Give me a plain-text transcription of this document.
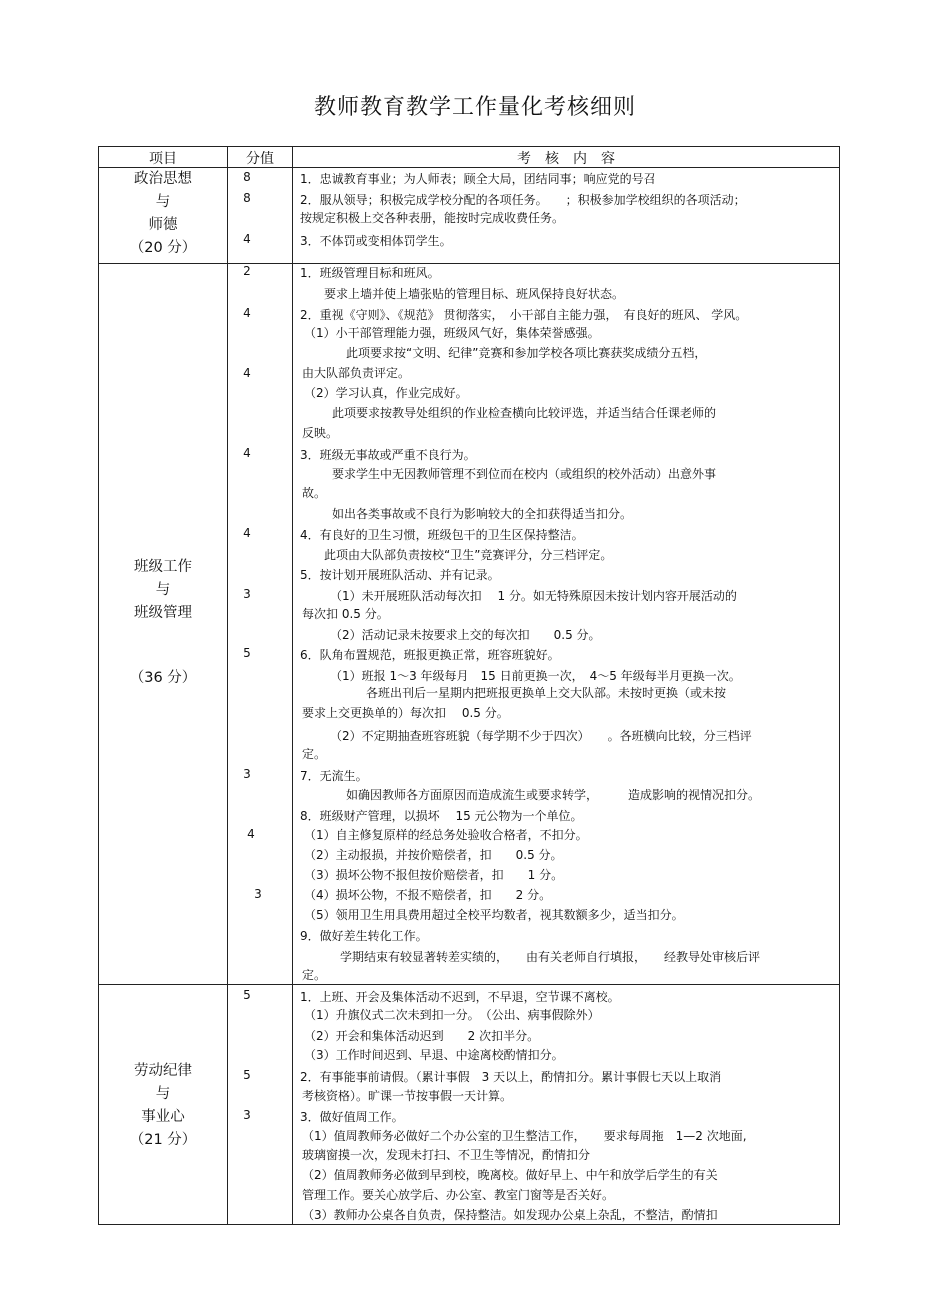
教师教育教学工作量化考核细则
项目	分值	考　核　内　容
政治思想
与
师德
（20 分）
8
8
4
1．忠诚教育事业；为人师表；顾全大局，团结同事；响应党的号召
2．服从领导；积极完成学校分配的各项任务。　　；积极参加学校组织的各项活动；
按规定积极上交各种表册，能按时完成收费任务。
3．不体罚或变相体罚学生。
班级工作
与
班级管理
（36 分）
2
4
4
4
4
3
5
3
4
3
1．班级管理目标和班风。
要求上墙并使上墙张贴的管理目标、班风保持良好状态。
2．重视《守则》、《规范》 贯彻落实，　小干部自主能力强，　有良好的班风、 学风。
（1）小干部管理能力强，班级风气好，集体荣誉感强。
此项要求按“文明、纪律”竞赛和参加学校各项比赛获奖成绩分五档，
由大队部负责评定。
（2）学习认真，作业完成好。
此项要求按教导处组织的作业检查横向比较评选，并适当结合任课老师的
反映。
3．班级无事故或严重不良行为。
要求学生中无因教师管理不到位而在校内（或组织的校外活动）出意外事
故。
如出各类事故或不良行为影响较大的全扣获得适当扣分。
4．有良好的卫生习惯，班级包干的卫生区保持整洁。
此项由大队部负责按校“卫生”竞赛评分，分三档评定。
5．按计划开展班队活动、并有记录。
（1）未开展班队活动每次扣　 1 分。如无特殊原因未按计划内容开展活动的
每次扣 0.5 分。
（2）活动记录未按要求上交的每次扣　　0.5 分。
6．队角布置规范，班报更换正常，班容班貌好。
（1）班报 1～3 年级每月　15 日前更换一次，　4～5 年级每半月更换一次。
各班出刊后一星期内把班报更换单上交大队部。未按时更换（或未按
要求上交更换单的）每次扣　 0.5 分。
（2）不定期抽查班容班貌（每学期不少于四次）　　。各班横向比较，分三档评
定。
7．无流生。
如确因教师各方面原因而造成流生或要求转学，　　　造成影响的视情况扣分。
8．班级财产管理，以损坏　 15 元公物为一个单位。
（1）自主修复原样的经总务处验收合格者，不扣分。
（2）主动报损，并按价赔偿者，扣　　0.5 分。
（3）损坏公物不报但按价赔偿者，扣　　1 分。
（4）损坏公物，不报不赔偿者，扣　　2 分。
（5）领用卫生用具费用超过全校平均数者，视其数额多少，适当扣分。
9．做好差生转化工作。
学期结束有较显著转差实绩的，　　由有关老师自行填报，　　经教导处审核后评
定。
劳动纪律
与
事业心
（21 分）
5
5
3
1．上班、开会及集体活动不迟到，不早退，空节课不离校。
（1）升旗仪式二次未到扣一分。　（公出、病事假除外）
（2）开会和集体活动迟到　　2 次扣半分。
（3）工作时间迟到、早退、中途离校酌情扣分。
2．有事能事前请假。（累计事假　3 天以上，酌情扣分。累计事假七天以上取消
考核资格）。旷课一节按事假一天计算。
3．做好值周工作。
（1）值周教师务必做好二个办公室的卫生整洁工作，　　要求每周拖　1—2 次地面,
玻璃窗摸一次，发现未打扫、不卫生等情况，酌情扣分
（2）值周教师务必做到早到校，晚离校。做好早上、中午和放学后学生的有关
管理工作。要关心放学后、办公室、教室门窗等是否关好。
（3）教师办公桌各自负责，保持整洁。如发现办公桌上杂乱，不整洁，酌情扣
